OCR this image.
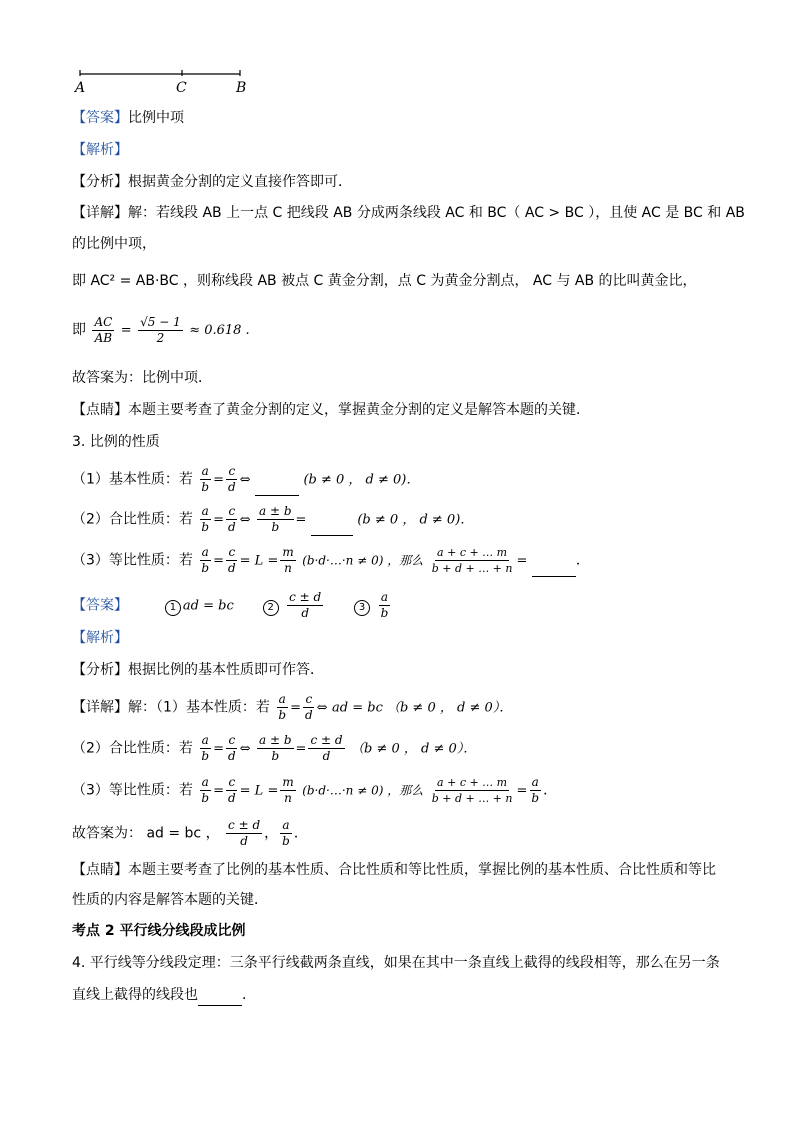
A	C	B
【答案】比例中项
【解析】
【分析】根据黄金分割的定义直接作答即可．
【详解】解：若线段 AB 上一点 C 把线段 AB 分成两条线段 AC 和 BC（ AC > BC ），且使 AC 是 BC 和 AB
的比例中项，
即 AC² = AB·BC ，则称线段 AB 被点 C 黄金分割，点 C 为黄金分割点， AC 与 AB 的比叫黄金比，
即 $\frac{AC}{AB} = \frac{√5 - 1}{2} \approx 0.618$ .
故答案为：比例中项．
【点睛】本题主要考查了黄金分割的定义，掌握黄金分割的定义是解答本题的关键．
3. 比例的性质
（1）基本性质：若 $\frac{a}{b} = \frac{c}{d}$ ⇔	(b ≠ 0 ， d ≠ 0)．
（2）合比性质：若 $\frac{a}{b} = \frac{c}{d}$ ⇔ $\frac{a \pm b}{b}$ =	(b ≠ 0 ， d ≠ 0)．
（3）等比性质：若 $\frac{a}{b} = \frac{c}{d} = L = \frac{m}{n}$ (b·d·…·n ≠ 0) ，那么 $\frac{a + c + \dots m}{b + d + \dots + n}$ =	．
【答案】	1 ad = bc	$2 \frac{c \pm d}{d}$	$3 \frac{a}{b}$
【解析】
【分析】根据比例的基本性质即可作答．
【详解】解：（1）基本性质：若 $\frac{a}{b} = \frac{c}{d}$ ⇔ ad = bc （b ≠ 0 ， d ≠ 0）．
（2）合比性质：若 $\frac{a}{b} = \frac{c}{d}$ ⇔ $\frac{a \pm b}{b} = \frac{c \pm d}{d} (b \ne 0$ ， d ≠ 0）．
（3）等比性质：若 $\frac{a}{b} = \frac{c}{d} = L = \frac{m}{n}$ (b·d·…·n ≠ 0) ，那么 $\frac{a + c + \dots m}{b + d + \dots + n} = \frac{a}{b}$ ．
故答案为： ad = bc ， $\frac{c \pm d}{d}$ ， $\frac{a}{b}$ ．
【点睛】本题主要考查了比例的基本性质、合比性质和等比性质，掌握比例的基本性质、合比性质和等比
性质的内容是解答本题的关键．
考点 2 平行线分线段成比例
4. 平行线等分线段定理：三条平行线截两条直线，如果在其中一条直线上截得的线段相等，那么在另一条
直线上截得的线段也	．
